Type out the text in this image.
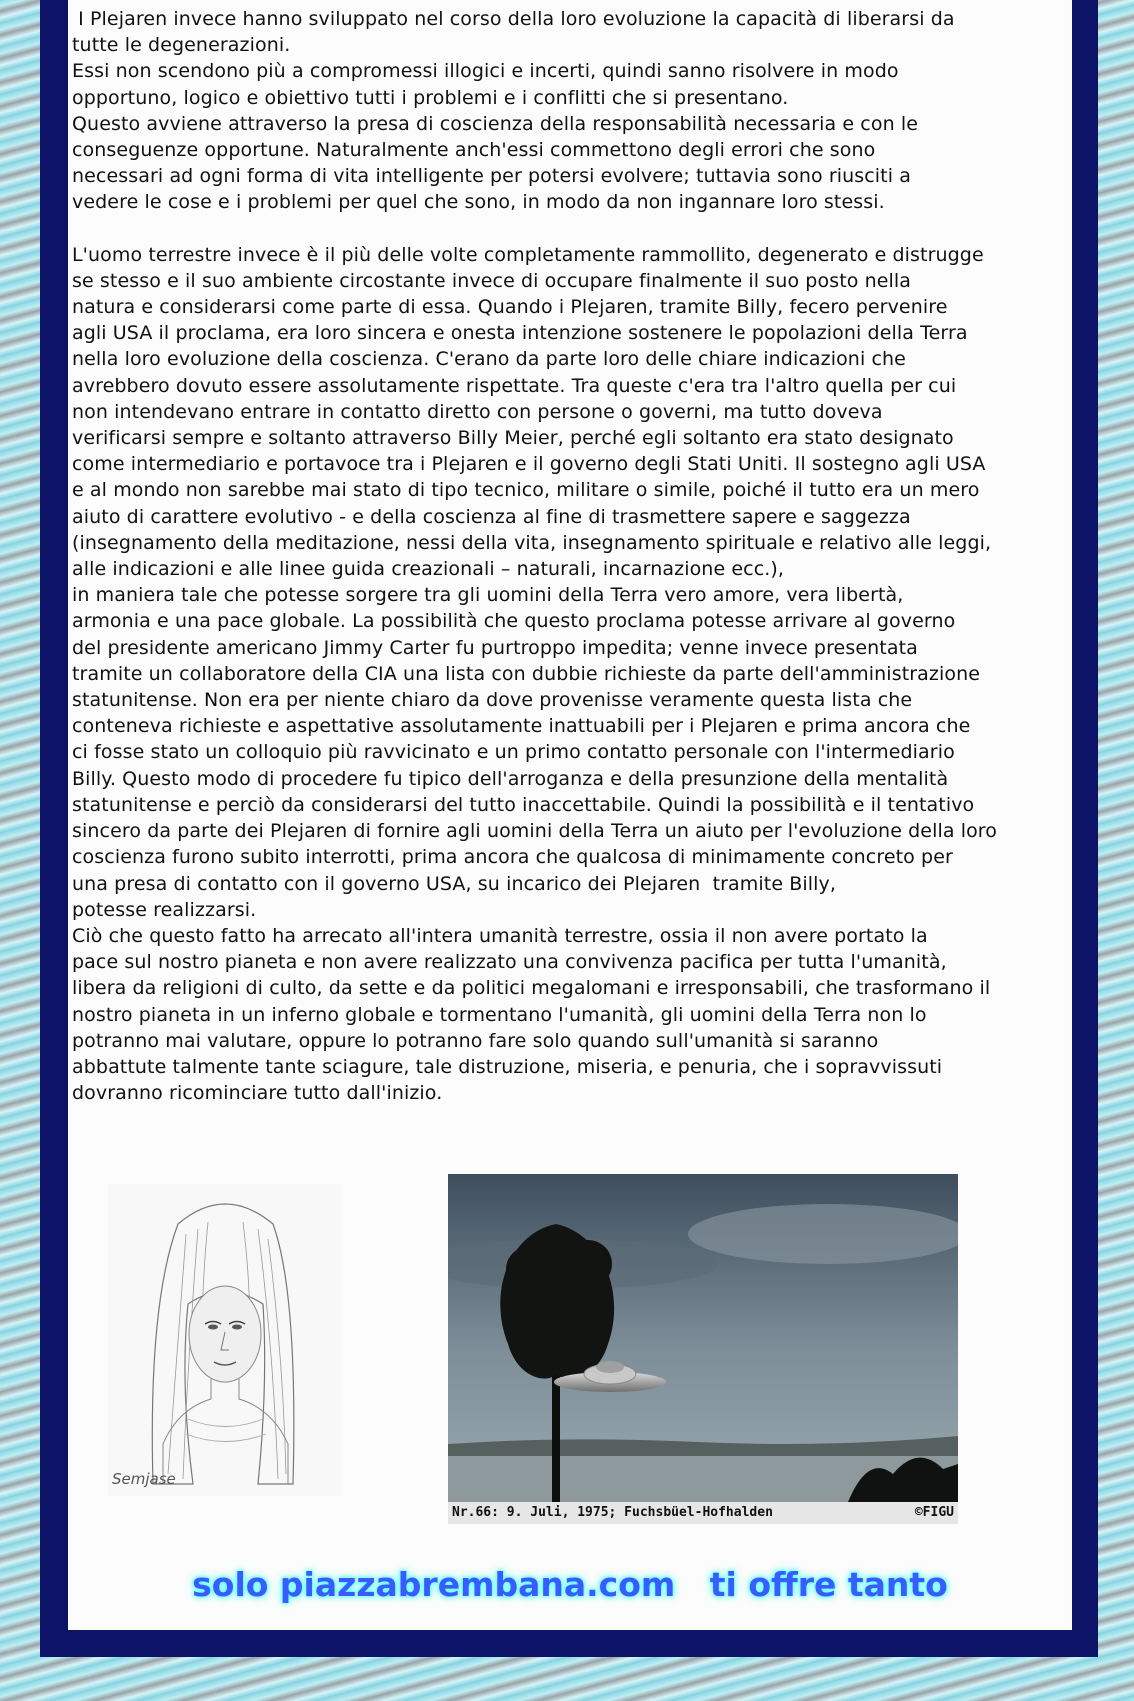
I Plejaren invece hanno sviluppato nel corso della loro evoluzione la capacità di liberarsi da
tutte le degenerazioni.

Essi non scendono più a compromessi illogici e incerti, quindi sanno risolvere in modo
opportuno, logico e obiettivo tutti i problemi e i conflitti che si presentano.

Questo avviene attraverso la presa di coscienza della responsabilità necessaria e con le
conseguenze opportune. Naturalmente anch'essi commettono degli errori che sono
necessari ad ogni forma di vita intelligente per potersi evolvere; tuttavia sono riusciti a
vedere le cose e i problemi per quel che sono, in modo da non ingannare loro stessi.

L'uomo terrestre invece è il più delle volte completamente rammollito, degenerato e distrugge
se stesso e il suo ambiente circostante invece di occupare finalmente il suo posto nella
natura e considerarsi come parte di essa. Quando i Plejaren, tramite Billy, fecero pervenire
agli USA il proclama, era loro sincera e onesta intenzione sostenere le popolazioni della Terra
nella loro evoluzione della coscienza. C'erano da parte loro delle chiare indicazioni che
avrebbero dovuto essere assolutamente rispettate. Tra queste c'era tra l'altro quella per cui
non intendevano entrare in contatto diretto con persone o governi, ma tutto doveva
verificarsi sempre e soltanto attraverso Billy Meier, perché egli soltanto era stato designato
come intermediario e portavoce tra i Plejaren e il governo degli Stati Uniti. Il sostegno agli USA
e al mondo non sarebbe mai stato di tipo tecnico, militare o simile, poiché il tutto era un mero
aiuto di carattere evolutivo - e della coscienza al fine di trasmettere sapere e saggezza
(insegnamento della meditazione, nessi della vita, insegnamento spirituale e relativo alle leggi,
alle indicazioni e alle linee guida creazionali – naturali, incarnazione ecc.),

in maniera tale che potesse sorgere tra gli uomini della Terra vero amore, vera libertà,
armonia e una pace globale. La possibilità che questo proclama potesse arrivare al governo
del presidente americano Jimmy Carter fu purtroppo impedita; venne invece presentata
tramite un collaboratore della CIA una lista con dubbie richieste da parte dell'amministrazione
statunitense. Non era per niente chiaro da dove provenisse veramente questa lista che
conteneva richieste e aspettative assolutamente inattuabili per i Plejaren e prima ancora che
ci fosse stato un colloquio più ravvicinato e un primo contatto personale con l'intermediario
Billy. Questo modo di procedere fu tipico dell'arroganza e della presunzione della mentalità
statunitense e perciò da considerarsi del tutto inaccettabile. Quindi la possibilità e il tentativo
sincero da parte dei Plejaren di fornire agli uomini della Terra un aiuto per l'evoluzione della loro
coscienza furono subito interrotti, prima ancora che qualcosa di minimamente concreto per
una presa di contatto con il governo USA, su incarico dei Plejaren  tramite Billy,
potesse realizzarsi.

Ciò che questo fatto ha arrecato all'intera umanità terrestre, ossia il non avere portato la
pace sul nostro pianeta e non avere realizzato una convivenza pacifica per tutta l'umanità,
libera da religioni di culto, da sette e da politici megalomani e irresponsabili, che trasformano il
nostro pianeta in un inferno globale e tormentano l'umanità, gli uomini della Terra non lo
potranno mai valutare, oppure lo potranno fare solo quando sull'umanità si saranno
abbattute talmente tante sciagure, tale distruzione, miseria, e penuria, che i sopravvissuti
dovranno ricominciare tutto dall'inizio.

Semjase
Nr.66: 9. Juli, 1975; Fuchsbüel-Hofhalden	©FIGU
solo piazzabrembana.com   ti offre tanto
